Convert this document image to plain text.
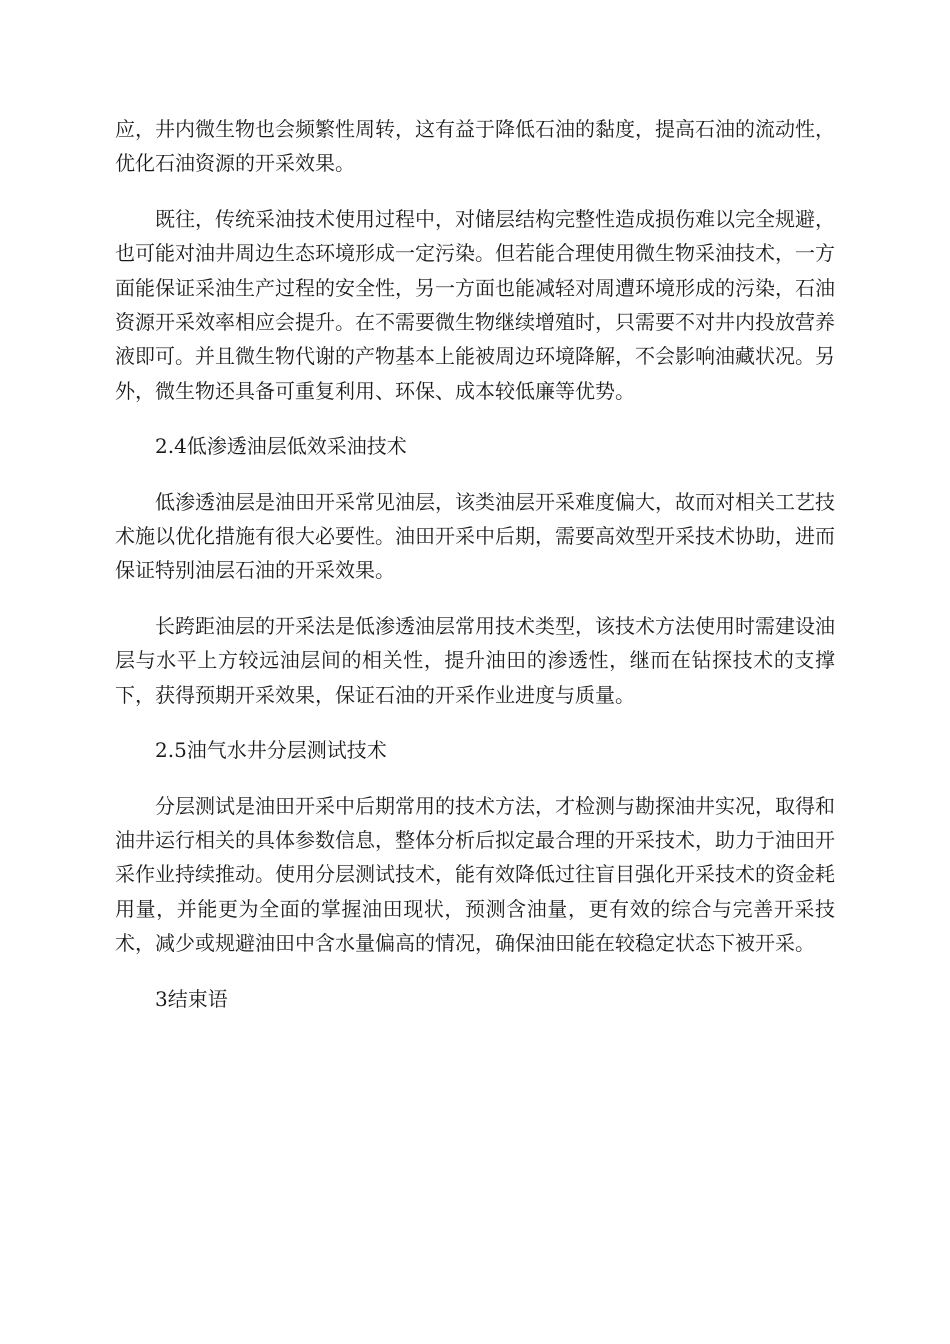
应，井内微生物也会频繁性周转，这有益于降低石油的黏度，提高石油的流动性，优化石油资源的开采效果。

既往，传统采油技术使用过程中，对储层结构完整性造成损伤难以完全规避，也可能对油井周边生态环境形成一定污染。但若能合理使用微生物采油技术，一方面能保证采油生产过程的安全性，另一方面也能减轻对周遭环境形成的污染，石油资源开采效率相应会提升。在不需要微生物继续增殖时，只需要不对井内投放营养液即可。并且微生物代谢的产物基本上能被周边环境降解，不会影响油藏状况。另外，微生物还具备可重复利用、环保、成本较低廉等优势。

2.4低渗透油层低效采油技术

低渗透油层是油田开采常见油层，该类油层开采难度偏大，故而对相关工艺技术施以优化措施有很大必要性。油田开采中后期，需要高效型开采技术协助，进而保证特别油层石油的开采效果。

长跨距油层的开采法是低渗透油层常用技术类型，该技术方法使用时需建设油层与水平上方较远油层间的相关性，提升油田的渗透性，继而在钻探技术的支撑下，获得预期开采效果，保证石油的开采作业进度与质量。

2.5油气水井分层测试技术

分层测试是油田开采中后期常用的技术方法，才检测与勘探油井实况，取得和油井运行相关的具体参数信息，整体分析后拟定最合理的开采技术，助力于油田开采作业持续推动。使用分层测试技术，能有效降低过往盲目强化开采技术的资金耗用量，并能更为全面的掌握油田现状，预测含油量，更有效的综合与完善开采技术，减少或规避油田中含水量偏高的情况，确保油田能在较稳定状态下被开采。

3结束语
